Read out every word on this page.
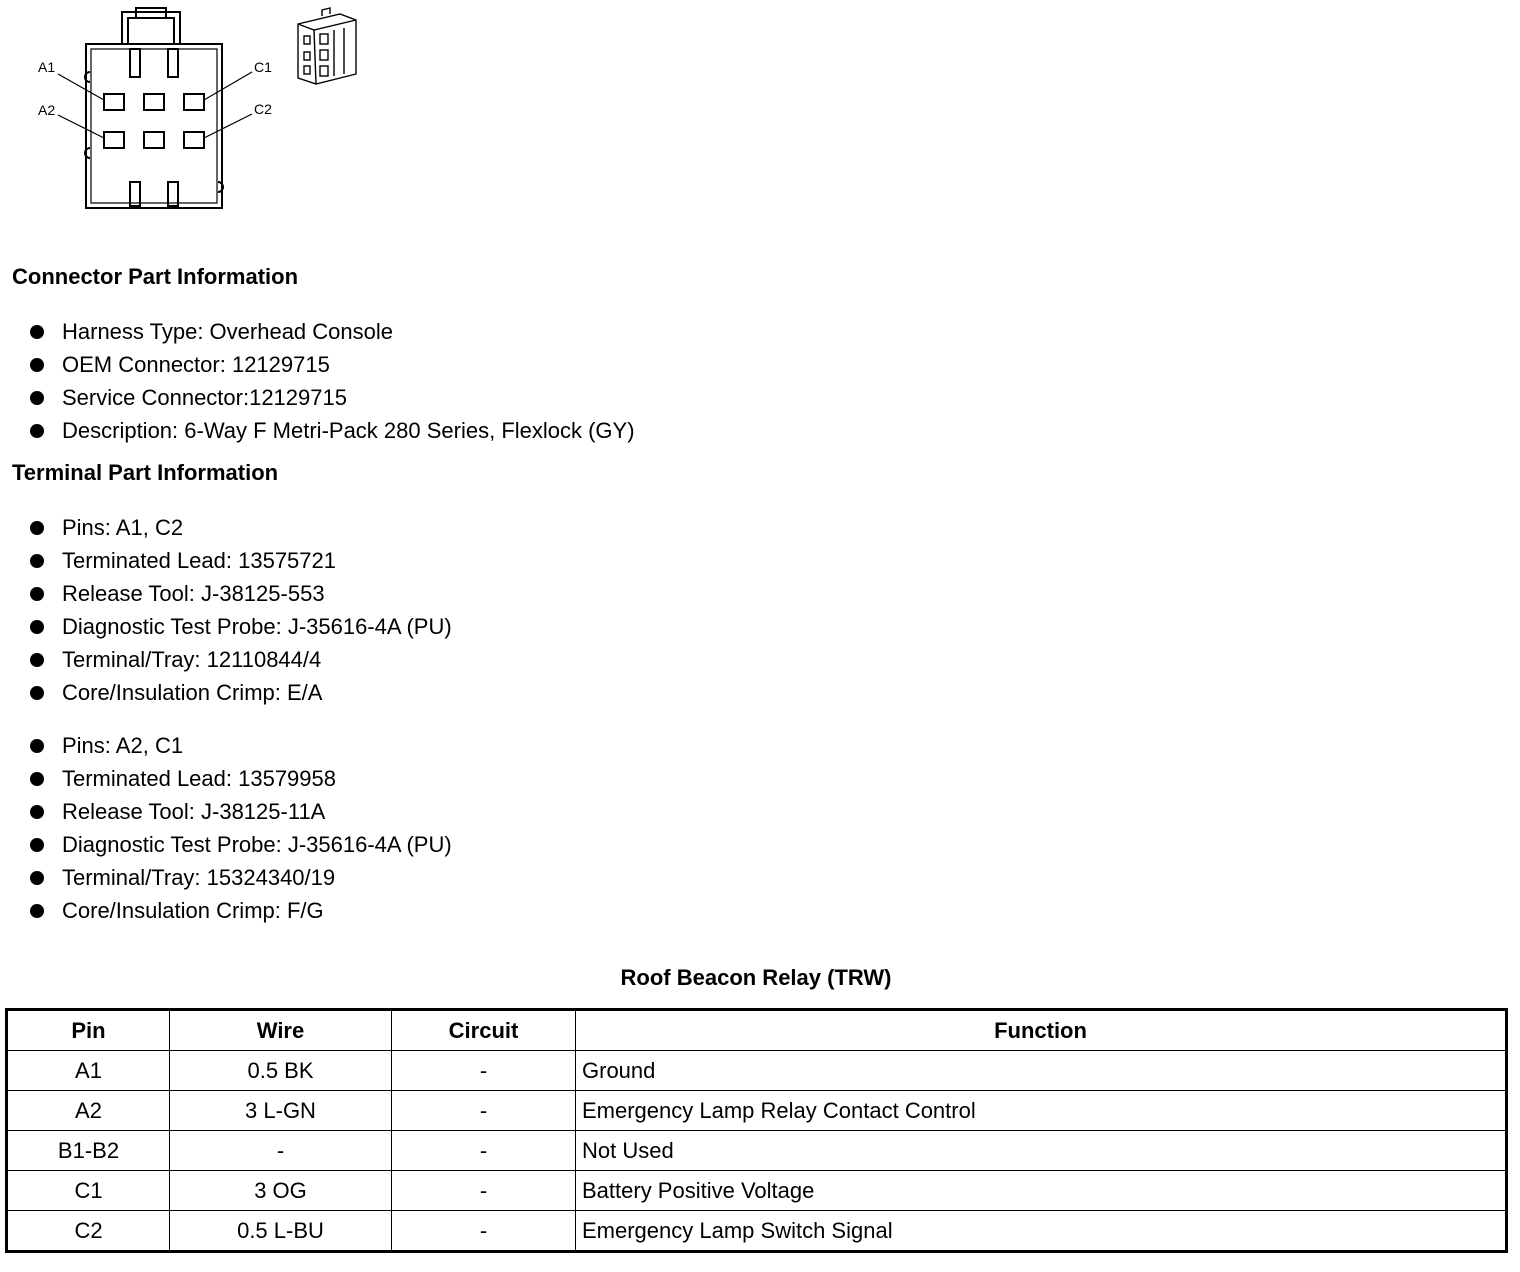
A1
A2
C1
C2
Connector Part Information
Harness Type: Overhead Console
OEM Connector: 12129715
Service Connector:12129715
Description: 6-Way F Metri-Pack 280 Series, Flexlock (GY)
Terminal Part Information
Pins: A1, C2
Terminated Lead: 13575721
Release Tool: J-38125-553
Diagnostic Test Probe: J-35616-4A (PU)
Terminal/Tray: 12110844/4
Core/Insulation Crimp: E/A
Pins: A2, C1
Terminated Lead: 13579958
Release Tool: J-38125-11A
Diagnostic Test Probe: J-35616-4A (PU)
Terminal/Tray: 15324340/19
Core/Insulation Crimp: F/G
Roof Beacon Relay (TRW)
Pin	Wire	Circuit	Function
A1	0.5 BK	-	Ground
A2	3 L-GN	-	Emergency Lamp Relay Contact Control
B1-B2	-	-	Not Used
C1	3 OG	-	Battery Positive Voltage
C2	0.5 L-BU	-	Emergency Lamp Switch Signal
